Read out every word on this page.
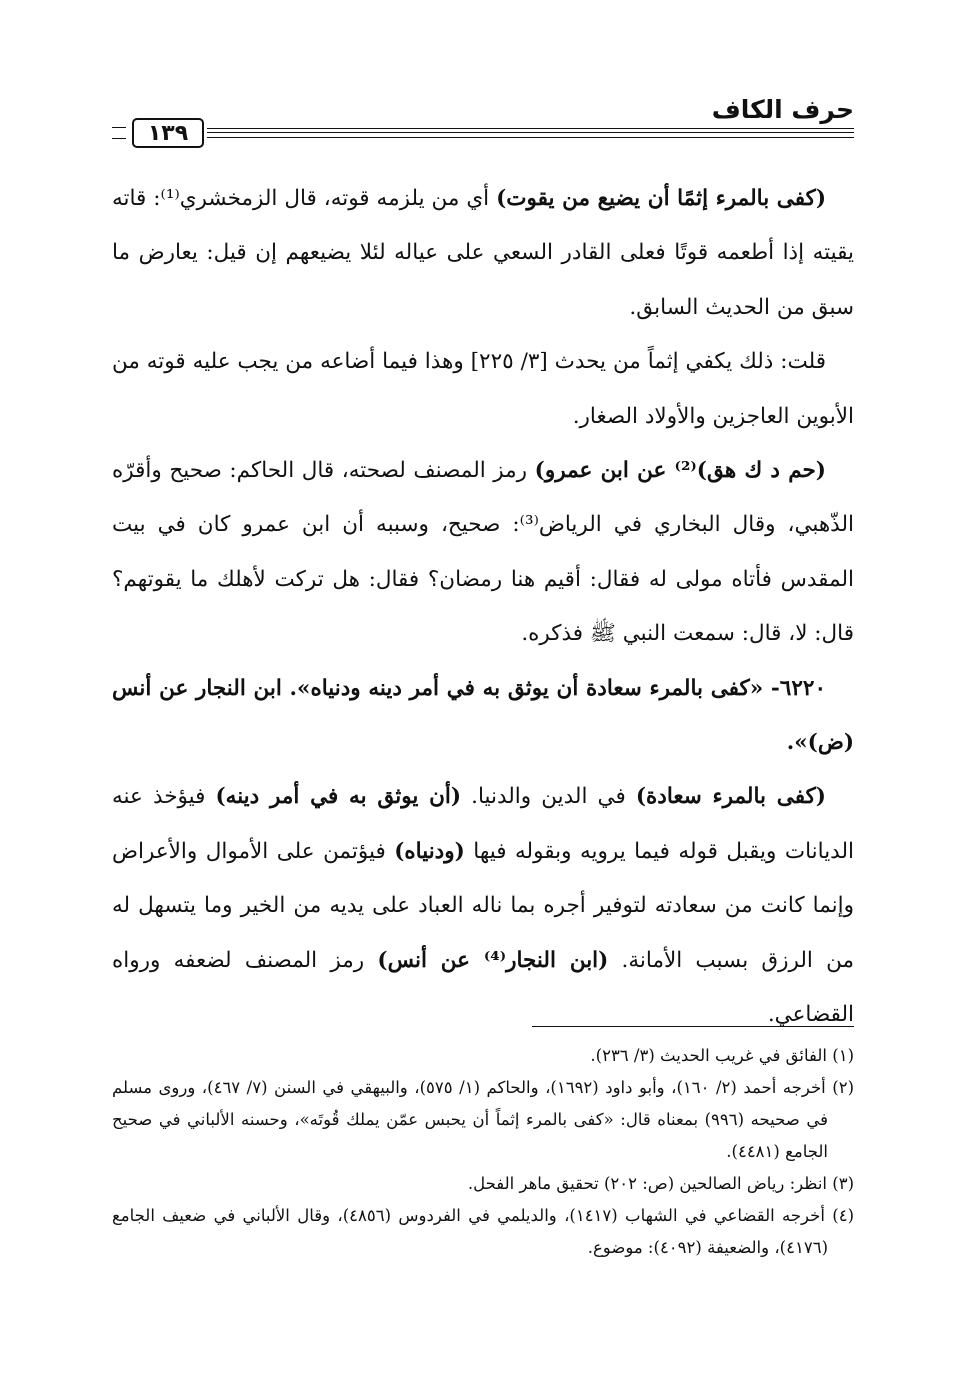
حرف الكاف
١٣٩

(كفى بالمرء إثمًا أن يضيع من يقوت) أي من يلزمه قوته، قال الزمخشري⁽¹⁾: قاته يقيته إذا أطعمه قوتًا فعلى القادر السعي على عياله لئلا يضيعهم إن قيل: يعارض ما سبق من الحديث السابق.

قلت: ذلك يكفي إثماً من يحدث [٣/ ٢٢٥] وهذا فيما أضاعه من يجب عليه قوته من الأبوين العاجزين والأولاد الصغار.

(حم د ك هق)⁽²⁾ عن ابن عمرو) رمز المصنف لصحته، قال الحاكم: صحيح وأقرّه الذّهبي، وقال البخاري في الرياض⁽³⁾: صحيح، وسببه أن ابن عمرو كان في بيت المقدس فأتاه مولى له فقال: أقيم هنا رمضان؟ فقال: هل تركت لأهلك ما يقوتهم؟ قال: لا، قال: سمعت النبي ﷺ فذكره.

٦٢٢٠- «كفى بالمرء سعادة أن يوثق به في أمر دينه ودنياه». ابن النجار عن أنس (ض)».

(كفى بالمرء سعادة) في الدين والدنيا. (أن يوثق به في أمر دينه) فيؤخذ عنه الديانات ويقبل قوله فيما يرويه وبقوله فيها (ودنياه) فيؤتمن على الأموال والأعراض وإنما كانت من سعادته لتوفير أجره بما ناله العباد على يديه من الخير وما يتسهل له من الرزق بسبب الأمانة. (ابن النجار⁽⁴⁾ عن أنس) رمز المصنف لضعفه ورواه القضاعي.

(١) الفائق في غريب الحديث (٣/ ٢٣٦).

(٢) أخرجه أحمد (٢/ ١٦٠)، وأبو داود (١٦٩٢)، والحاكم (١/ ٥٧٥)، والبيهقي في السنن (٧/ ٤٦٧)، وروى مسلم في صحيحه (٩٩٦) بمعناه قال: «كفى بالمرء إثماً أن يحبس عمّن يملك قُوتَه»، وحسنه الألباني في صحيح الجامع (٤٤٨١).

(٣) انظر: رياض الصالحين (ص: ٢٠٢) تحقيق ماهر الفحل.

(٤) أخرجه القضاعي في الشهاب (١٤١٧)، والديلمي في الفردوس (٤٨٥٦)، وقال الألباني في ضعيف الجامع (٤١٧٦)، والضعيفة (٤٠٩٢): موضوع.
